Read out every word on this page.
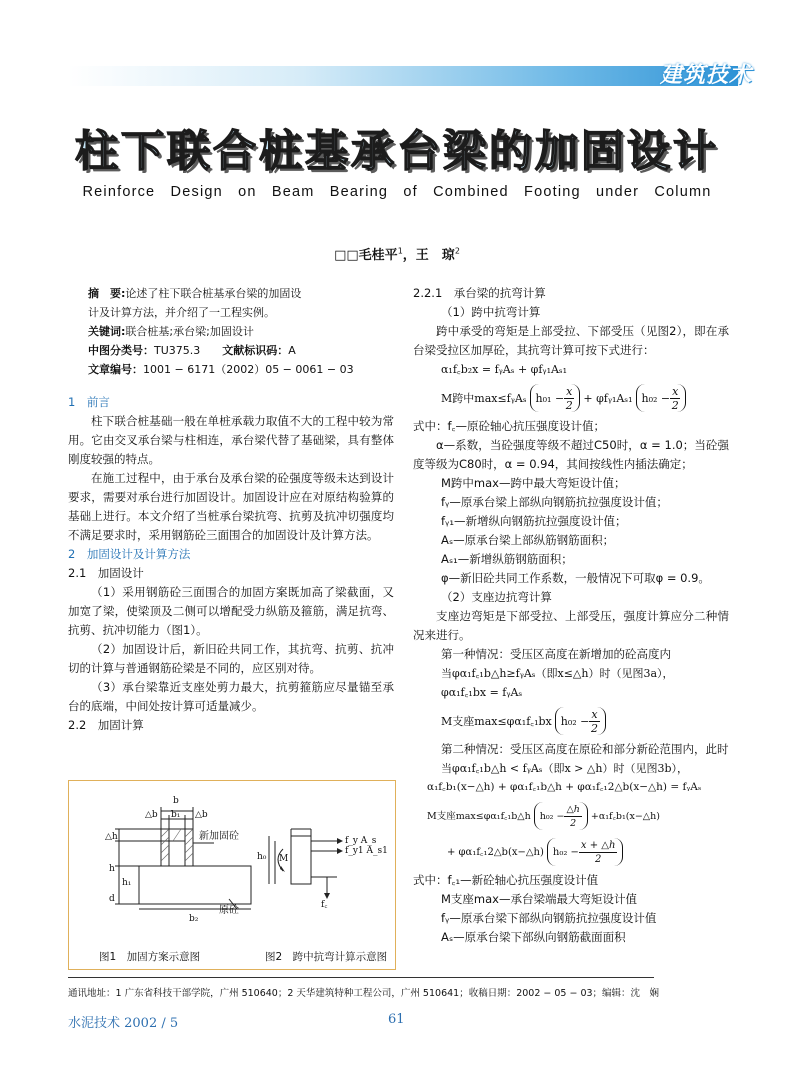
建筑技术
柱下联合桩基承台梁的加固设计
Reinforce Design on Beam Bearing of Combined Footing under Column
□□毛桂平$^1$，王　琼$^2$

摘　要:论述了柱下联合桩基承台梁的加固设

计及计算方法，并介绍了一工程实例。

关键词:联合桩基;承台梁;加固设计

中图分类号：TU375.3 文献标识码：A

文章编号：1001 − 6171（2002）05 − 0061 − 03

1　前言

柱下联合桩基础一般在单桩承载力取值不大的工程中较为常用。它由交叉承台梁与柱相连，承台梁代替了基础梁，具有整体刚度较强的特点。

在施工过程中，由于承台及承台梁的砼强度等级未达到设计要求，需要对承台进行加固设计。加固设计应在对原结构验算的基础上进行。本文介绍了当桩承台梁抗弯、抗剪及抗冲切强度均不满足要求时，采用钢筋砼三面围合的加固设计及计算方法。

2　加固设计及计算方法

2.1　加固设计

（1）采用钢筋砼三面围合的加固方案既加高了梁截面，又加宽了梁，使梁顶及二侧可以增配受力纵筋及箍筋，满足抗弯、抗剪、抗冲切能力（图1）。

（2）加固设计后，新旧砼共同工作，其抗弯、抗剪、抗冲切的计算与普通钢筋砼梁是不同的，应区别对待。

（3）承台梁靠近支座处剪力最大，抗剪箍筋应尽量锚至承台的底端，中间处按计算可适量减少。

2.2　加固计算

b
△b b₁ △b
△h
h
h₁
d
b₂
f_y A_s
f_y1 A_s1
M
h₀
f꜀
新加固砼
原砼
图1　加固方案示意图	图2　跨中抗弯计算示意图

2.2.1　承台梁的抗弯计算

（1）跨中抗弯计算

跨中承受的弯矩是上部受拉、下部受压（见图2），即在承台梁受拉区加厚砼，其抗弯计算可按下式进行：

α₁f꜀b₂x = fᵧAₛ + φfᵧ₁Aₛ₁

M跨中max≤fᵧAₛ $h_{01} - \frac{x}{2}$ + φfᵧ₁Aₛ₁ $h_{02} - \frac{x}{2}$

式中：f꜀—原砼轴心抗压强度设计值；

α—系数，当砼强度等级不超过C50时，α = 1.0；当砼强度等级为C80时，α = 0.94，其间按线性内插法确定；

M跨中max—跨中最大弯矩设计值；

fᵧ—原承台梁上部纵向钢筋抗拉强度设计值；

fᵧ₁—新增纵向钢筋抗拉强度设计值；

Aₛ—原承台梁上部纵筋钢筋面积；

Aₛ₁—新增纵筋钢筋面积；

φ—新旧砼共同工作系数，一般情况下可取φ = 0.9。

（2）支座边抗弯计算

支座边弯矩是下部受拉、上部受压，强度计算应分二种情况来进行。

第一种情况：受压区高度在新增加的砼高度内

当φα₁f꜀₁b△h≥fᵧAₛ（即x≤△h）时（见图3a），

φα₁f꜀₁bx = fᵧAₛ

M支座max≤φα₁f꜀₁bx $h_{02} - \frac{x}{2}$

第二种情况：受压区高度在原砼和部分新砼范围内，此时

当φα₁f꜀₁b△h < fᵧAₛ（即x > △h）时（见图3b），

α₁f꜀b₁(x−△h) + φα₁f꜀₁b△h + φα₁f꜀₁2△b(x−△h) = fᵧAₛ

M支座max≤φα₁f꜀₁b△h $h_{02} - \frac{\triangle h}{2}$ +α₁f꜀b₁(x−△h)
+ φα₁f꜀₁2△b(x−△h) $h_{02} - \frac{x + \triangle h}{2}$

式中：f꜀₁—新砼轴心抗压强度设计值

M支座max—承台梁端最大弯矩设计值

fᵧ—原承台梁下部纵向钢筋抗拉强度设计值

Aₛ—原承台梁下部纵向钢筋截面面积

通讯地址：1 广东省科技干部学院，广州 510640；2 天华建筑特种工程公司，广州 510641；收稿日期：2002 − 05 − 03；编辑：沈　娴
水泥技术 2002 / 5	61
